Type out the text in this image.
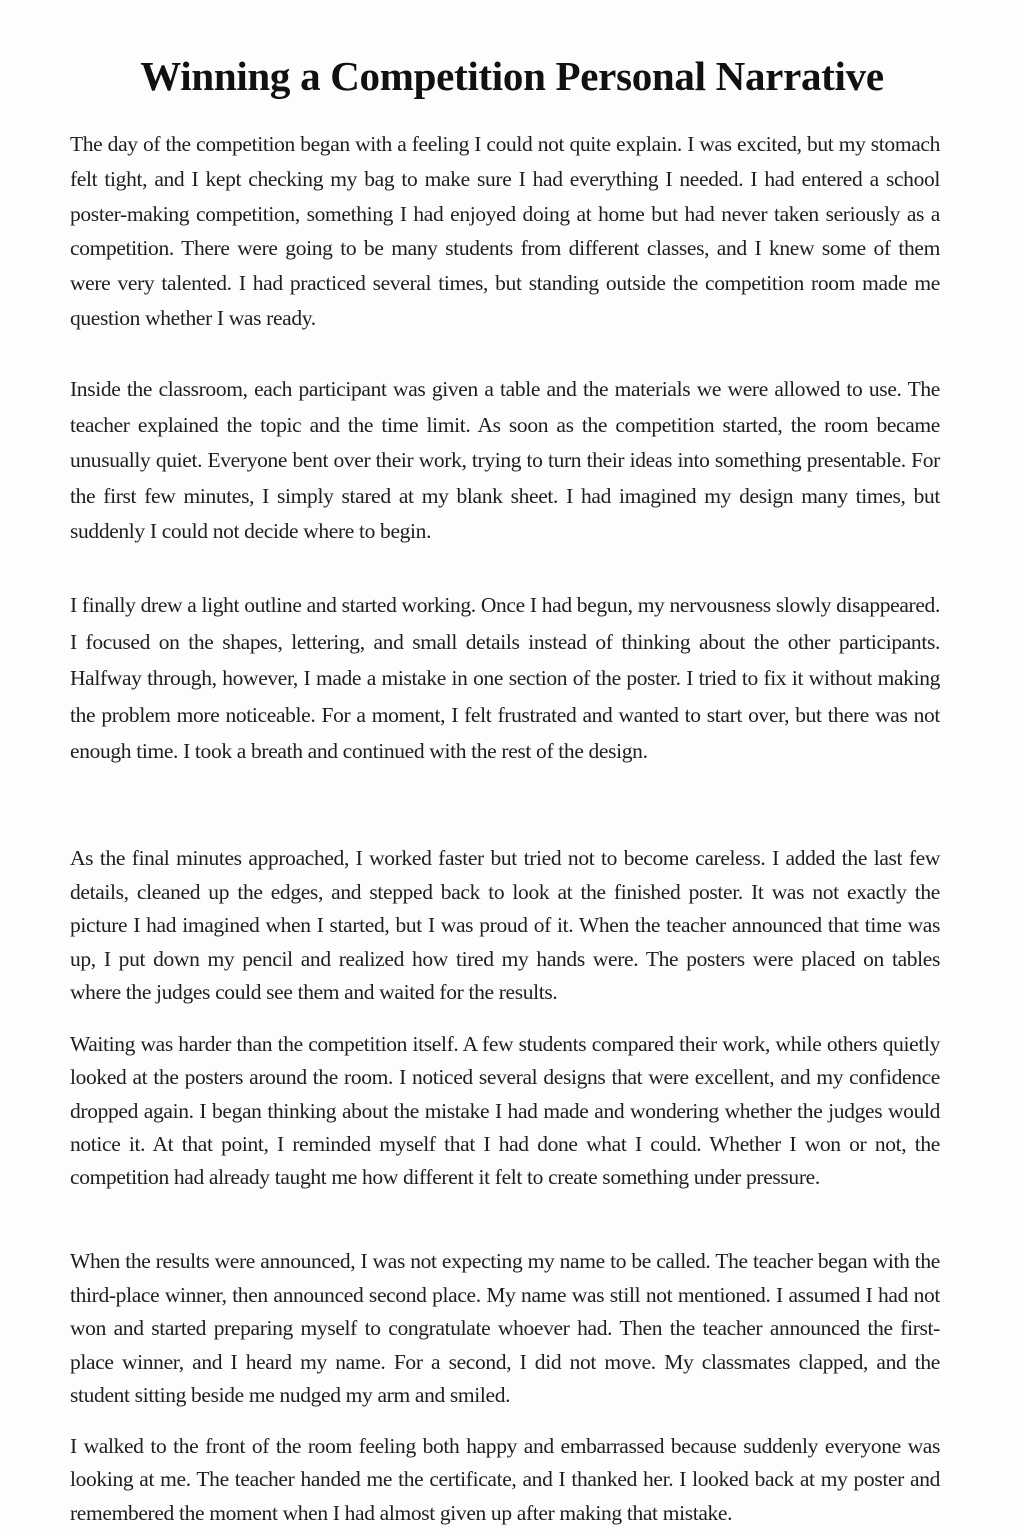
Winning a Competition Personal Narrative

The day of the competition began with a feeling I could not quite explain. I was excited, but my stomach felt tight, and I kept checking my bag to make sure I had everything I needed. I had entered a school poster-making competition, something I had enjoyed doing at home but had never taken seriously as a competition. There were going to be many students from different classes, and I knew some of them were very talented. I had practiced several times, but standing outside the competition room made me question whether I was ready.

Inside the classroom, each participant was given a table and the materials we were allowed to use. The teacher explained the topic and the time limit. As soon as the competition started, the room became unusually quiet. Everyone bent over their work, trying to turn their ideas into something presentable. For the first few minutes, I simply stared at my blank sheet. I had imagined my design many times, but suddenly I could not decide where to begin.

I finally drew a light outline and started working. Once I had begun, my nervousness slowly disappeared. I focused on the shapes, lettering, and small details instead of thinking about the other participants. Halfway through, however, I made a mistake in one section of the poster. I tried to fix it without making the problem more noticeable. For a moment, I felt frustrated and wanted to start over, but there was not enough time. I took a breath and continued with the rest of the design.

As the final minutes approached, I worked faster but tried not to become careless. I added the last few details, cleaned up the edges, and stepped back to look at the finished poster. It was not exactly the picture I had imagined when I started, but I was proud of it. When the teacher announced that time was up, I put down my pencil and realized how tired my hands were. The posters were placed on tables where the judges could see them and waited for the results.

Waiting was harder than the competition itself. A few students compared their work, while others quietly looked at the posters around the room. I noticed several designs that were excellent, and my confidence dropped again. I began thinking about the mistake I had made and wondering whether the judges would notice it. At that point, I reminded myself that I had done what I could. Whether I won or not, the competition had already taught me how different it felt to create something under pressure.

When the results were announced, I was not expecting my name to be called. The teacher began with the third-place winner, then announced second place. My name was still not mentioned. I assumed I had not won and started preparing myself to congratulate whoever had. Then the teacher announced the first-place winner, and I heard my name. For a second, I did not move. My classmates clapped, and the student sitting beside me nudged my arm and smiled.

I walked to the front of the room feeling both happy and embarrassed because suddenly everyone was looking at me. The teacher handed me the certificate, and I thanked her. I looked back at my poster and remembered the moment when I had almost given up after making that mistake.
